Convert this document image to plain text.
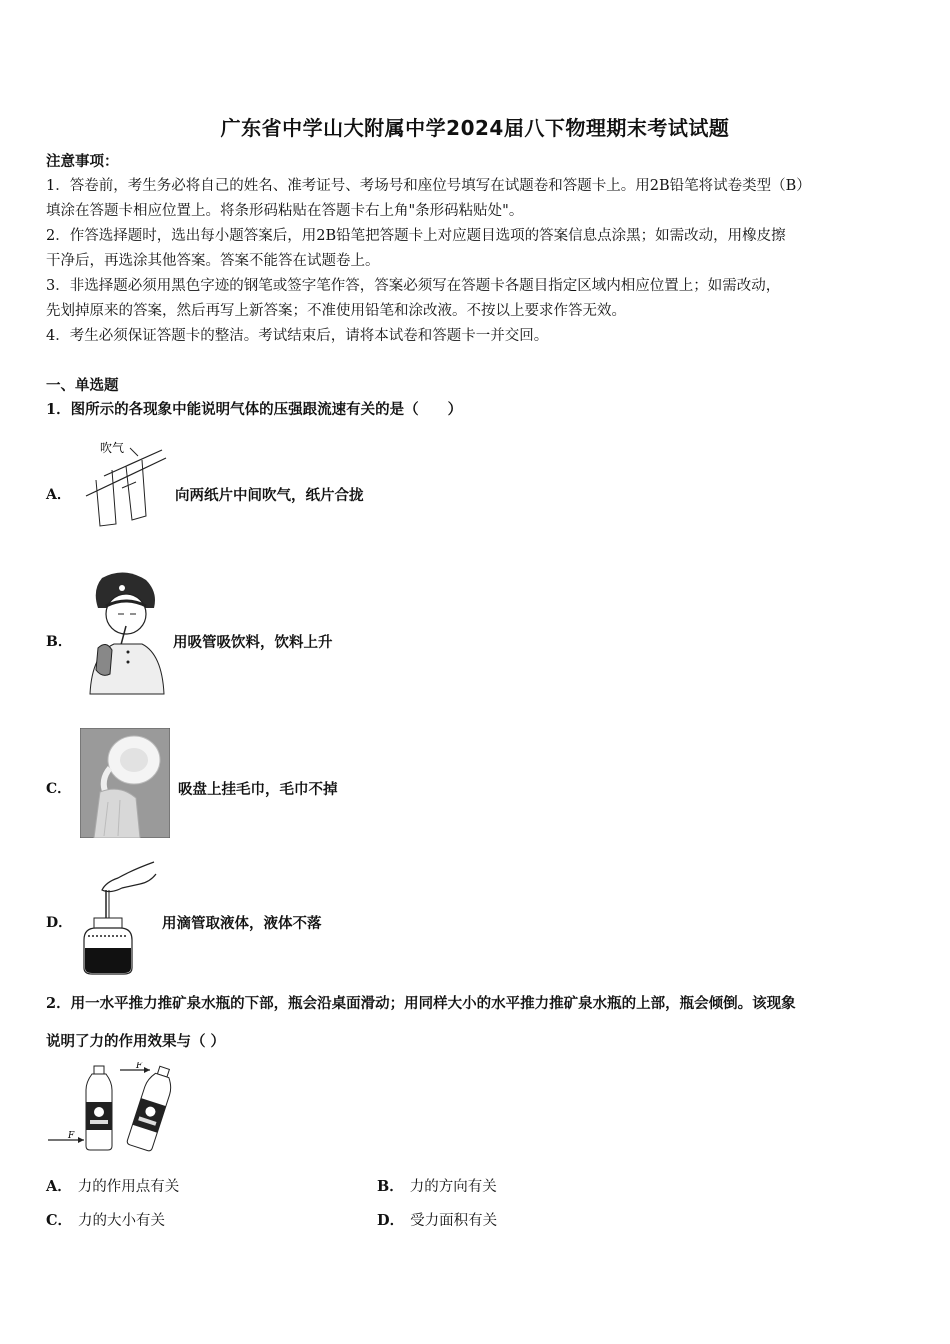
广东省中学山大附属中学2024届八下物理期末考试试题
注意事项：
1．答卷前，考生务必将自己的姓名、准考证号、考场号和座位号填写在试题卷和答题卡上。用2B铅笔将试卷类型（B）
填涂在答题卡相应位置上。将条形码粘贴在答题卡右上角"条形码粘贴处"。
2．作答选择题时，选出每小题答案后，用2B铅笔把答题卡上对应题目选项的答案信息点涂黑；如需改动，用橡皮擦
干净后，再选涂其他答案。答案不能答在试题卷上。
3．非选择题必须用黑色字迹的钢笔或签字笔作答，答案必须写在答题卡各题目指定区域内相应位置上；如需改动，
先划掉原来的答案，然后再写上新答案；不准使用铅笔和涂改液。不按以上要求作答无效。
4．考生必须保证答题卡的整洁。考试结束后，请将本试卷和答题卡一并交回。
一、单选题
1．图所示的各现象中能说明气体的压强跟流速有关的是（　　）
A．
吹气
向两纸片中间吹气，纸片合拢
B．	用吸管吸饮料，饮料上升
C．	吸盘上挂毛巾，毛巾不掉
D．	用滴管取液体，液体不落
2．用一水平推力推矿泉水瓶的下部，瓶会沿桌面滑动；用同样大小的水平推力推矿泉水瓶的上部，瓶会倾倒。该现象
说明了力的作用效果与（ ）
F
F
A． 力的作用点有关	B． 力的方向有关
C． 力的大小有关	D． 受力面积有关
